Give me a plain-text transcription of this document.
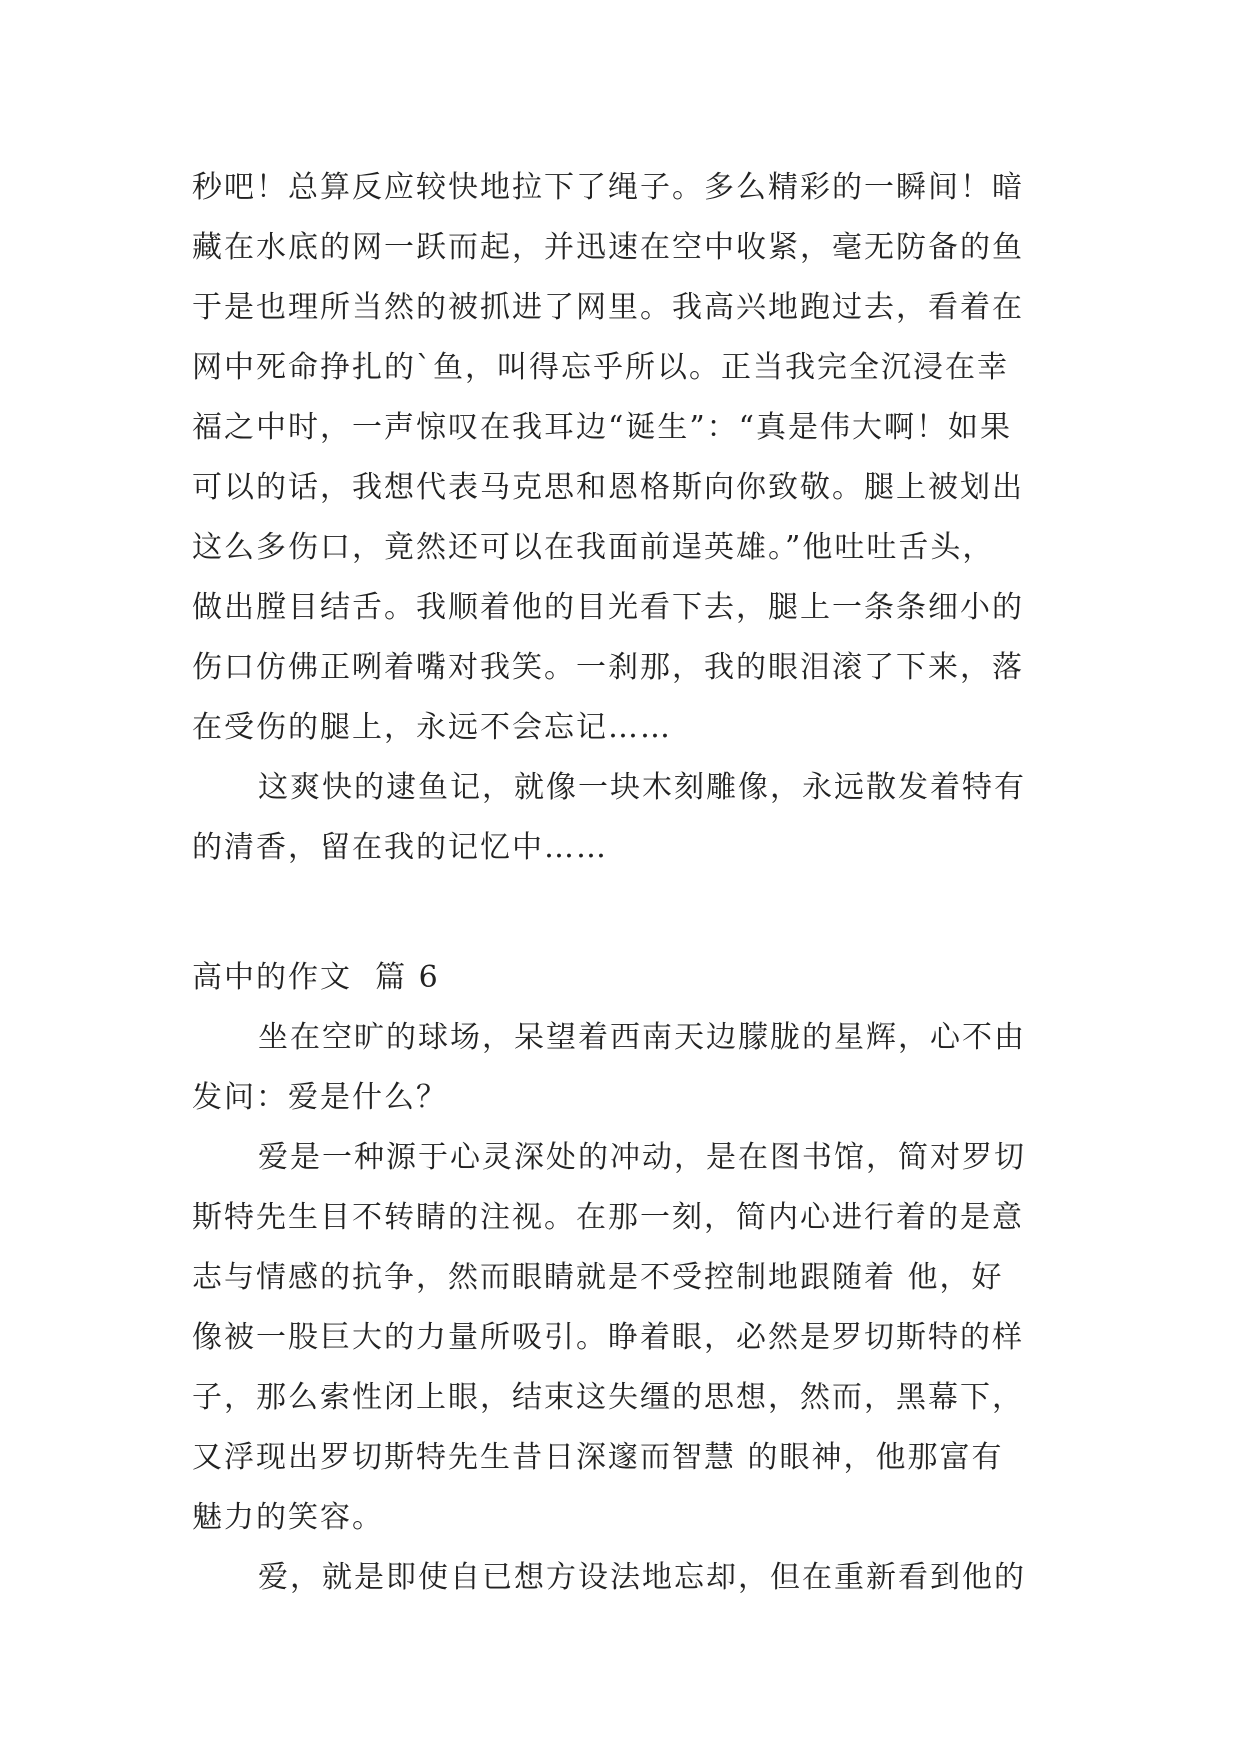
秒吧！总算反应较快地拉下了绳子。多么精彩的一瞬间！暗
藏在水底的网一跃而起，并迅速在空中收紧，毫无防备的鱼
于是也理所当然的被抓进了网里。我高兴地跑过去，看着在
网中死命挣扎的`鱼，叫得忘乎所以。正当我完全沉浸在幸
福之中时，一声惊叹在我耳边“诞生”：“真是伟大啊！如果
可以的话，我想代表马克思和恩格斯向你致敬。腿上被划出
这么多伤口，竟然还可以在我面前逞英雄。”他吐吐舌头，
做出膛目结舌。我顺着他的目光看下去，腿上一条条细小的
伤口仿佛正咧着嘴对我笑。一刹那，我的眼泪滚了下来，落
在受伤的腿上，永远不会忘记……
这爽快的逮鱼记，就像一块木刻雕像，永远散发着特有
的清香，留在我的记忆中……
高中的作文  篇 6
坐在空旷的球场，呆望着西南天边朦胧的星辉，心不由
发问：爱是什么？
爱是一种源于心灵深处的冲动，是在图书馆，简对罗切
斯特先生目不转睛的注视。在那一刻，简内心进行着的是意
志与情感的抗争，然而眼睛就是不受控制地跟随着 他，好
像被一股巨大的力量所吸引。睁着眼，必然是罗切斯特的样
子，那么索性闭上眼，结束这失缰的思想，然而，黑幕下，
又浮现出罗切斯特先生昔日深邃而智慧 的眼神，他那富有
魅力的笑容。
爱，就是即使自已想方设法地忘却，但在重新看到他的
